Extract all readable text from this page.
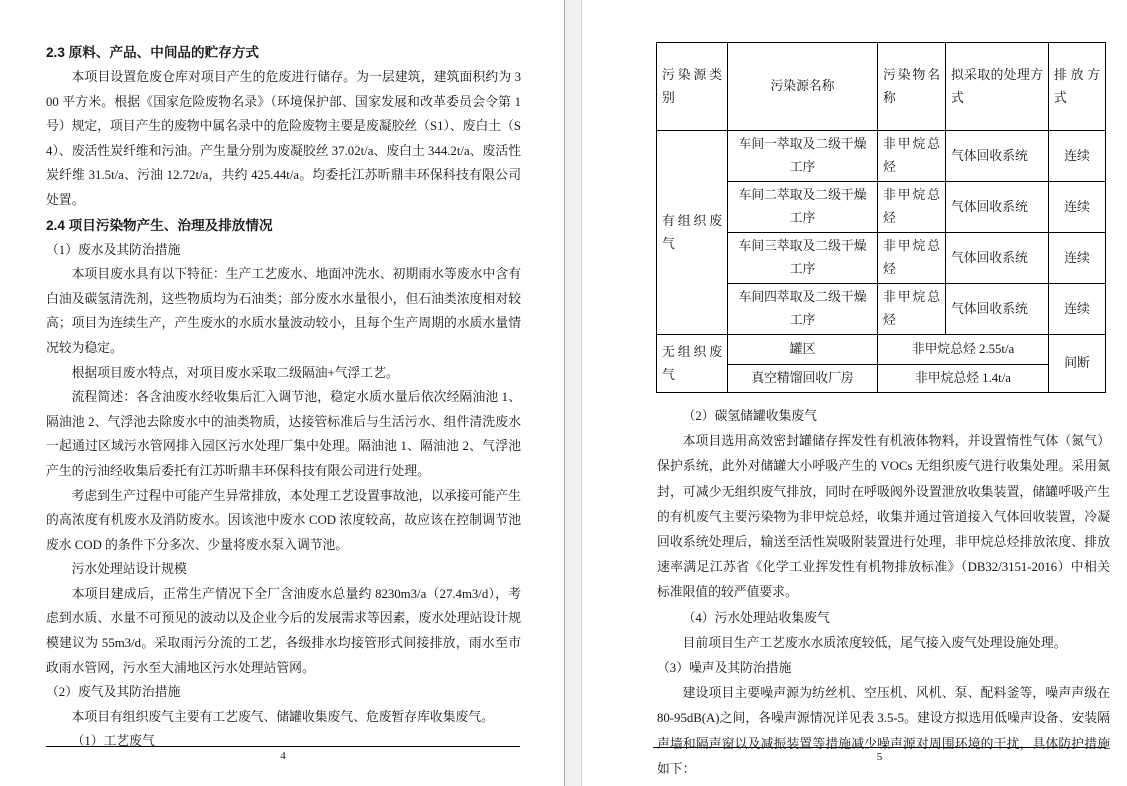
2.3 原料、产品、中间品的贮存方式

本项目设置危废仓库对项目产生的危废进行储存。为一层建筑，建筑面积约为 300 平方米。根据《国家危险废物名录》（环境保护部、国家发展和改革委员会令第 1 号）规定，项目产生的废物中属名录中的危险废物主要是废凝胶丝（S1）、废白土（S4）、废活性炭纤维和污油。产生量分别为废凝胶丝 37.02t/a、废白土 344.2t/a、废活性炭纤维 31.5t/a、污油 12.72t/a，共约 425.44t/a。均委托江苏昕鼎丰环保科技有限公司处置。

2.4 项目污染物产生、治理及排放情况

（1）废水及其防治措施

本项目废水具有以下特征：生产工艺废水、地面冲洗水、初期雨水等废水中含有白油及碳氢清洗剂，这些物质均为石油类；部分废水水量很小，但石油类浓度相对较高；项目为连续生产，产生废水的水质水量波动较小，且每个生产周期的水质水量情况较为稳定。

根据项目废水特点，对项目废水采取二级隔油+气浮工艺。

流程简述：各含油废水经收集后汇入调节池，稳定水质水量后依次经隔油池 1、隔油池 2、气浮池去除废水中的油类物质，达接管标准后与生活污水、组件清洗废水一起通过区域污水管网排入园区污水处理厂集中处理。隔油池 1、隔油池 2、气浮池产生的污油经收集后委托有江苏昕鼎丰环保科技有限公司进行处理。

考虑到生产过程中可能产生异常排放，本处理工艺设置事故池，以承接可能产生的高浓度有机废水及消防废水。因该池中废水 COD 浓度较高，故应该在控制调节池废水 COD 的条件下分多次、少量将废水泵入调节池。

污水处理站设计规模

本项目建成后，正常生产情况下全厂含油废水总量约 8230m3/a（27.4m3/d），考虑到水质、水量不可预见的波动以及企业今后的发展需求等因素，废水处理站设计规模建议为 55m3/d。采取雨污分流的工艺，各级排水均接管形式间接排放，雨水至市政雨水管网，污水至大浦地区污水处理站管网。

（2）废气及其防治措施

本项目有组织废气主要有工艺废气、储罐收集废气、危废暂存库收集废气。

（1）工艺废气

4
污染源类别	污染源名称	污染物名称	拟采取的处理方式	排放方式
有组织废气	车间一萃取及二级干燥工序	非甲烷总烃	气体回收系统	连续
	车间二萃取及二级干燥工序	非甲烷总烃	气体回收系统	连续
	车间三萃取及二级干燥工序	非甲烷总烃	气体回收系统	连续
	车间四萃取及二级干燥工序	非甲烷总烃	气体回收系统	连续
无组织废气	罐区	非甲烷总烃 2.55t/a		间断
	真空精馏回收厂房	非甲烷总烃 1.4t/a		

（2）碳氢储罐收集废气

本项目选用高效密封罐储存挥发性有机液体物料，并设置惰性气体（氮气）保护系统，此外对储罐大小呼吸产生的 VOCs 无组织废气进行收集处理。采用氮封，可减少无组织废气排放，同时在呼吸阀外设置泄放收集装置，储罐呼吸产生的有机废气主要污染物为非甲烷总烃，收集并通过管道接入气体回收装置，冷凝回收系统处理后，输送至活性炭吸附装置进行处理，非甲烷总烃排放浓度、排放速率满足江苏省《化学工业挥发性有机物排放标准》（DB32/3151-2016）中相关标准限值的较严值要求。

（4）污水处理站收集废气

目前项目生产工艺废水水质浓度较低，尾气接入废气处理设施处理。

（3）噪声及其防治措施

建设项目主要噪声源为纺丝机、空压机、风机、泵、配料釜等，噪声声级在 80-95dB(A)之间，各噪声源情况详见表 3.5-5。建设方拟选用低噪声设备、安装隔声墙和隔声窗以及减振装置等措施减少噪声源对周围环境的干扰，具体防护措施如下：

5
